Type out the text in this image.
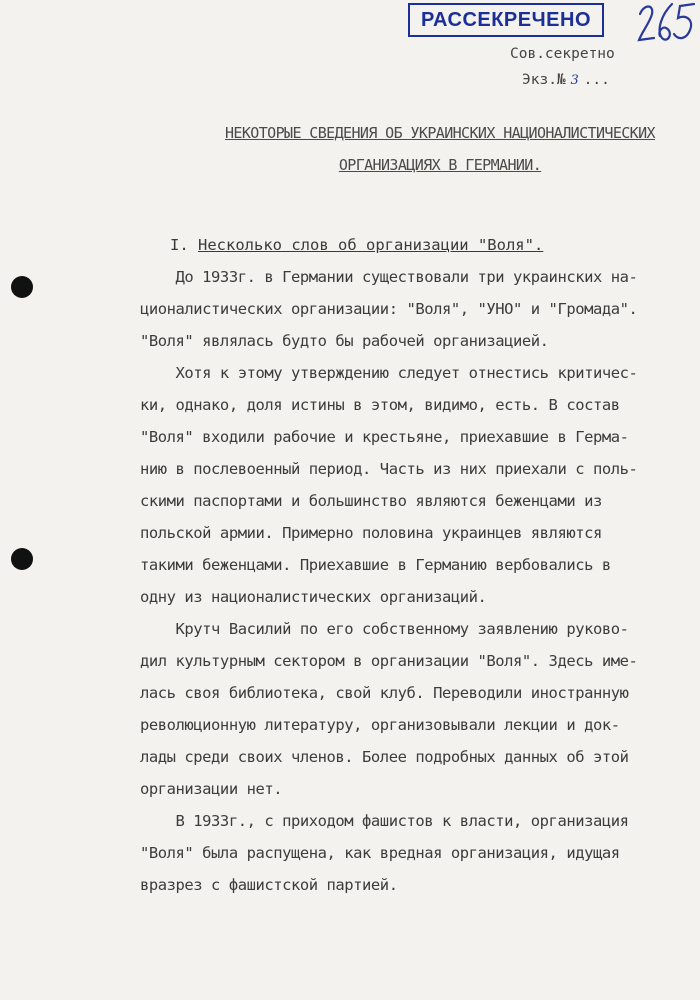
РАССЕКРЕЧЕНО
Сов.секретно
Экз.№ 3 ...
НЕКОТОРЫЕ СВЕДЕНИЯ ОБ УКРАИНСКИХ НАЦИОНАЛИСТИЧЕСКИХ
ОРГАНИЗАЦИЯХ В ГЕРМАНИИ.
I. Несколько слов об организации "Воля".
До 1933г. в Германии существовали три украинских на-
ционалистических организации: "Воля", "УНО" и "Громада".
"Воля" являлась будто бы рабочей организацией.
Хотя к этому утверждению следует отнестись критичес-
ки, однако, доля истины в этом, видимо, есть. В состав
"Воля" входили рабочие и крестьяне, приехавшие в Герма-
нию в послевоенный период. Часть из них приехали с поль-
скими паспортами и большинство являются беженцами из
польской армии. Примерно половина украинцев являются
такими беженцами. Приехавшие в Германию вербовались в
одну из националистических организаций.
Крутч Василий по его собственному заявлению руково-
дил культурным сектором в организации "Воля". Здесь име-
лась своя библиотека, свой клуб. Переводили иностранную
революционную литературу, организовывали лекции и док-
лады среди своих членов. Более подробных данных об этой
организации нет.
В 1933г., с приходом фашистов к власти, организация
"Воля" была распущена, как вредная организация, идущая
вразрез с фашистской партией.
